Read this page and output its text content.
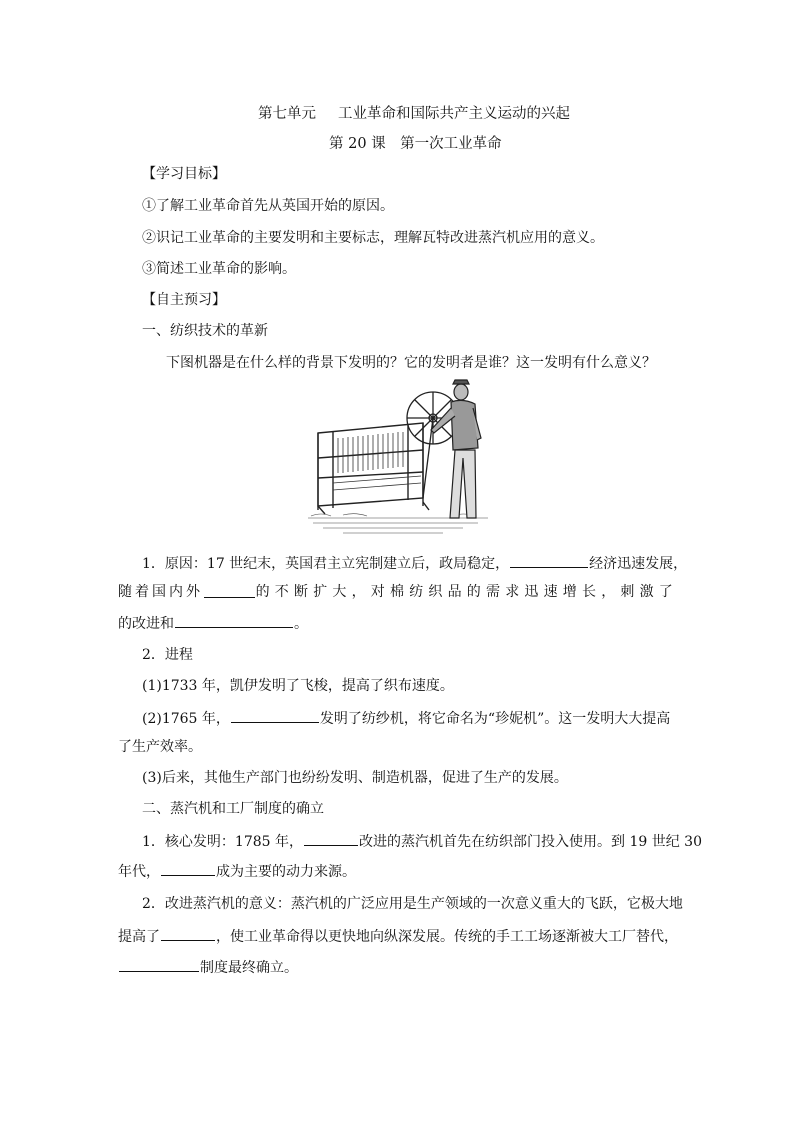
第七单元 工业革命和国际共产主义运动的兴起
第 20 课　第一次工业革命
【学习目标】
①了解工业革命首先从英国开始的原因。
②识记工业革命的主要发明和主要标志，理解瓦特改进蒸汽机应用的意义。
③简述工业革命的影响。
【自主预习】
一、纺织技术的革新
下图机器是在什么样的背景下发明的？它的发明者是谁？这一发明有什么意义？
1．原因：17 世纪末，英国君主立宪制建立后，政局稳定，	经济迅速发展，
随着国内外	的不断扩大，对棉纺织品的需求迅速增长，刺激了
的改进和	。
2．进程
(1)1733 年，凯伊发明了飞梭，提高了织布速度。
(2)1765 年，	发明了纺纱机，将它命名为“珍妮机”。这一发明大大提高
了生产效率。
(3)后来，其他生产部门也纷纷发明、制造机器，促进了生产的发展。
二、蒸汽机和工厂制度的确立
1．核心发明：1785 年，	改进的蒸汽机首先在纺织部门投入使用。到 19 世纪 30
年代，	成为主要的动力来源。
2．改进蒸汽机的意义：蒸汽机的广泛应用是生产领域的一次意义重大的飞跃，它极大地
提高了	，使工业革命得以更快地向纵深发展。传统的手工工场逐渐被大工厂替代，
制度最终确立。
